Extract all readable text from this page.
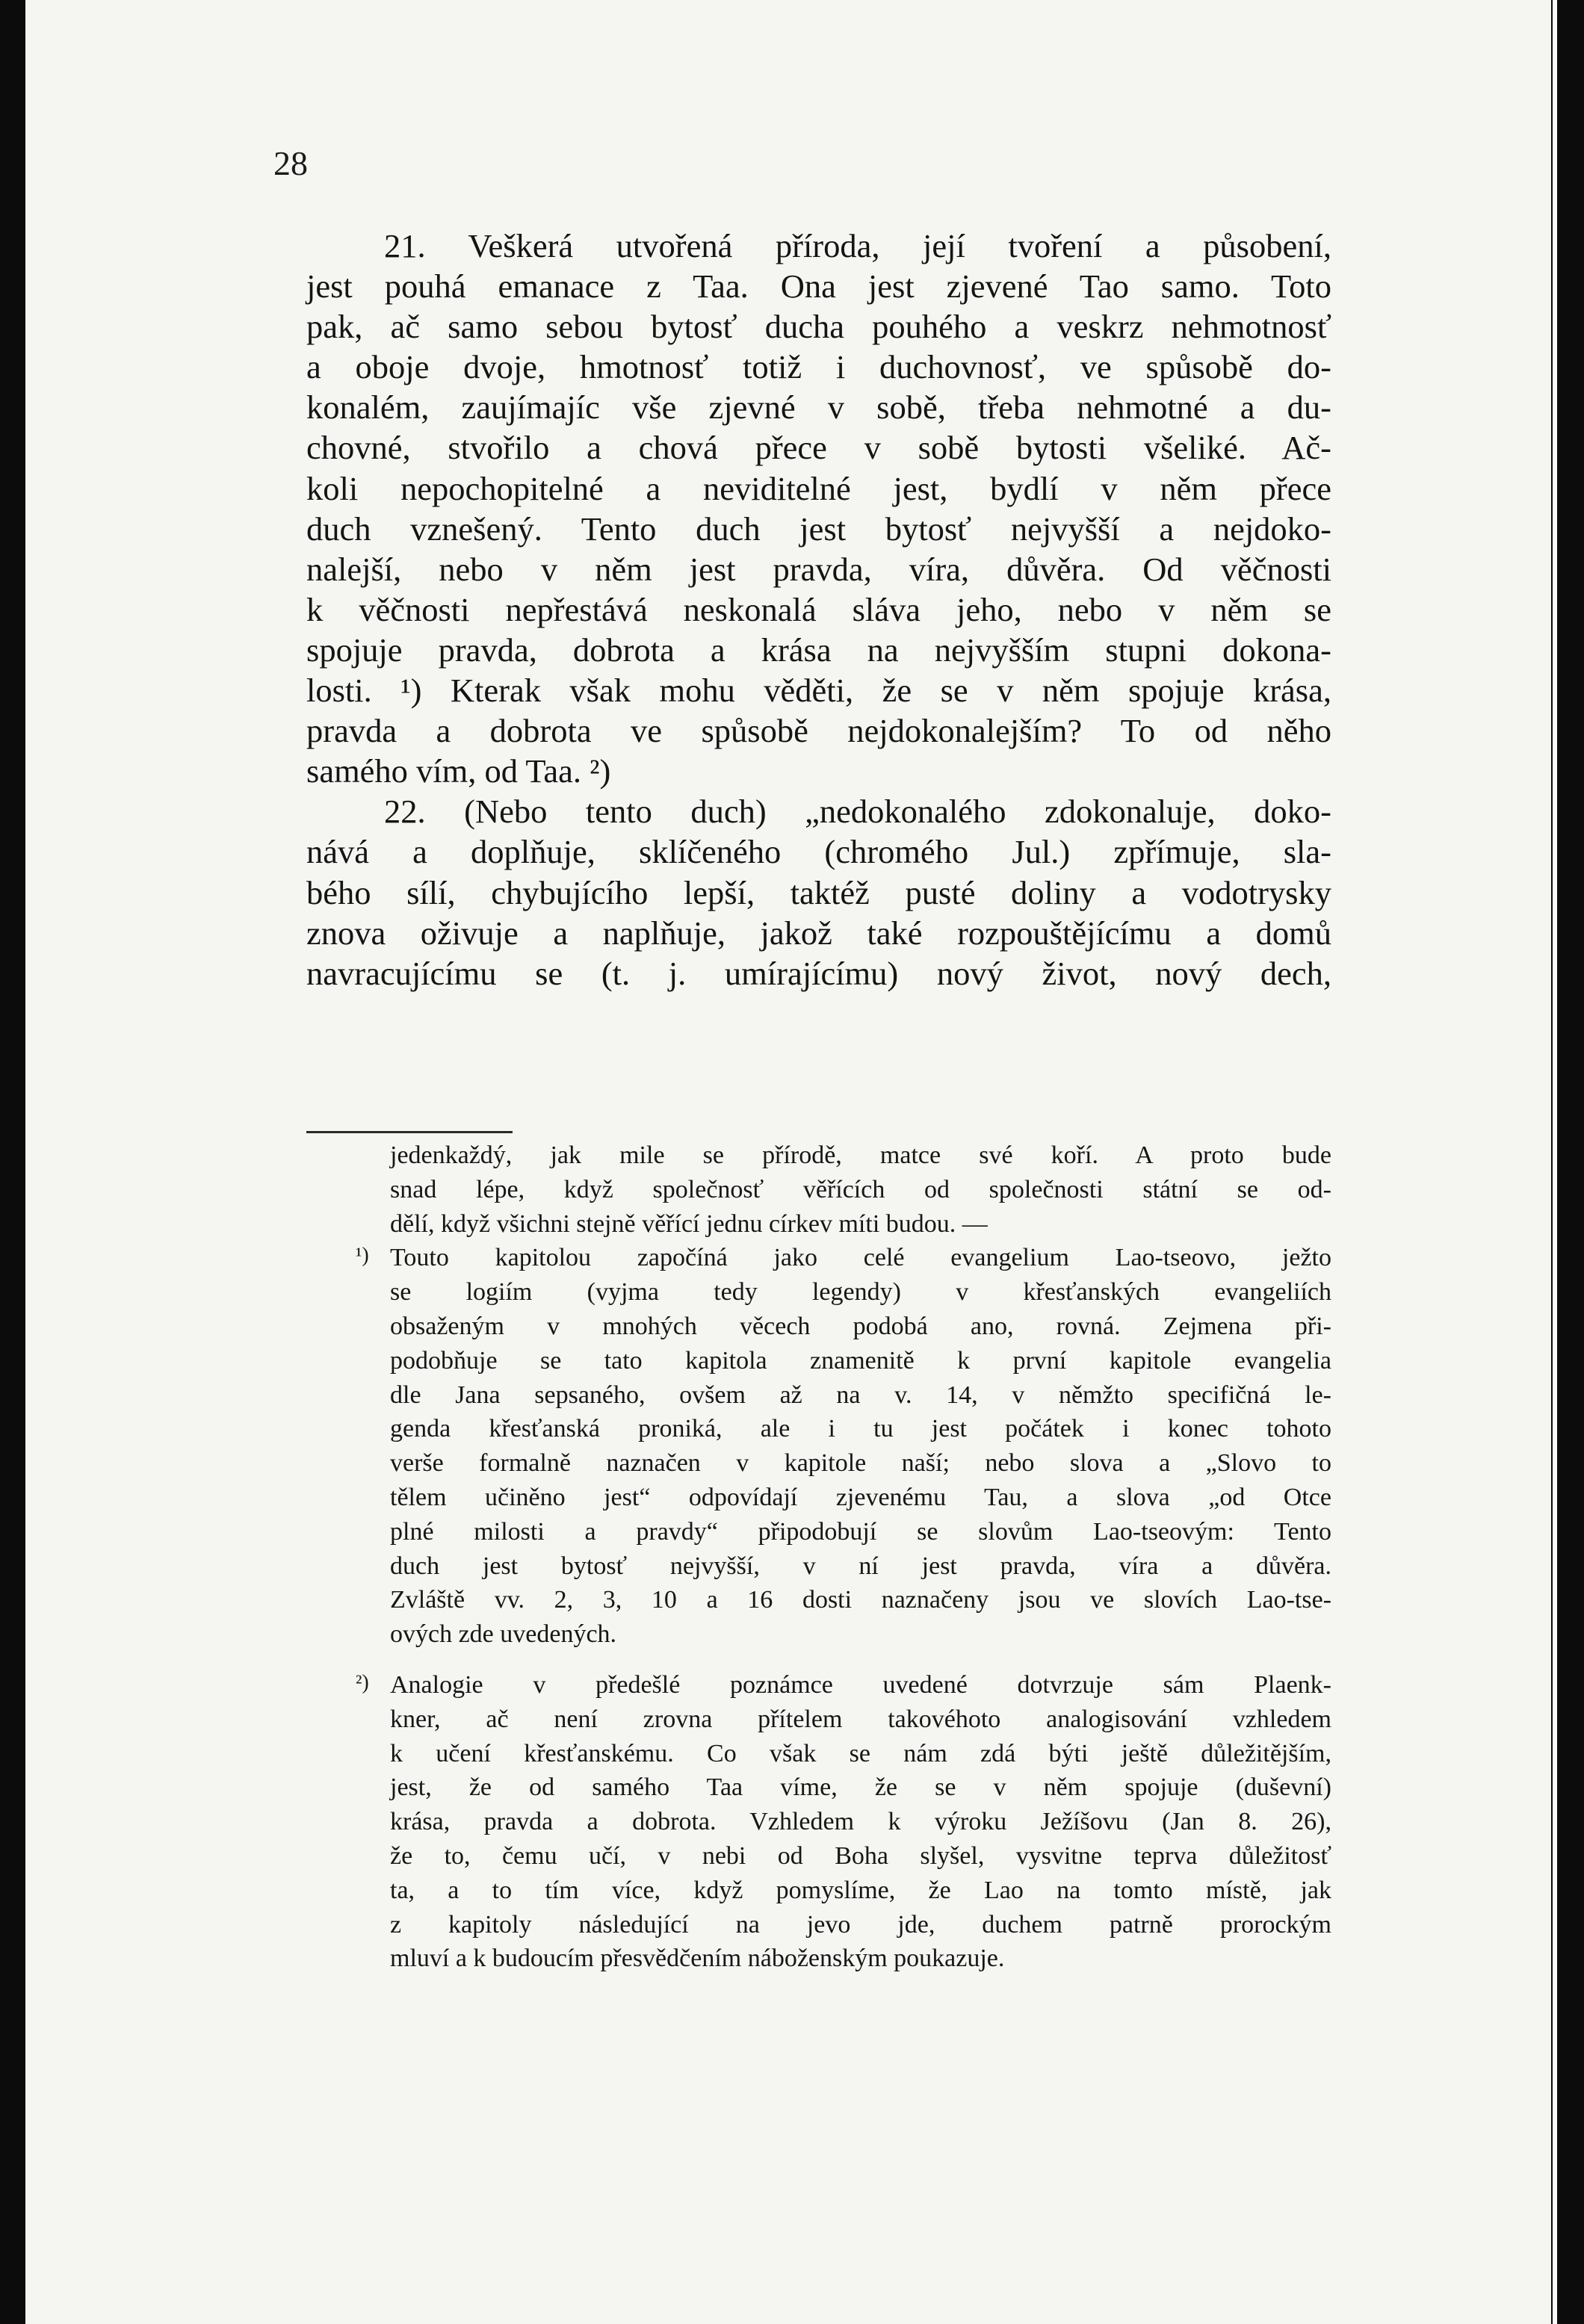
28
21. Veškerá utvořená příroda, její tvoření a působení,
jest pouhá emanace z Taa. Ona jest zjevené Tao samo. Toto
pak, ač samo sebou bytosť ducha pouhého a veskrz nehmotnosť
a oboje dvoje, hmotnosť totiž i duchovnosť, ve spůsobě do-
konalém, zaujímajíc vše zjevné v sobě, třeba nehmotné a du-
chovné, stvořilo a chová přece v sobě bytosti všeliké. Ač-
koli nepochopitelné a neviditelné jest, bydlí v něm přece
duch vznešený. Tento duch jest bytosť nejvyšší a nejdoko-
nalejší, nebo v něm jest pravda, víra, důvěra. Od věčnosti
k věčnosti nepřestává neskonalá sláva jeho, nebo v něm se
spojuje pravda, dobrota a krása na nejvyšším stupni dokona-
losti. ¹) Kterak však mohu věděti, že se v něm spojuje krása,
pravda a dobrota ve spůsobě nejdokonalejším? To od něho
samého vím, od Taa. ²)
22. (Nebo tento duch) „nedokonalého zdokonaluje, doko-
nává a doplňuje, sklíčeného (chromého Jul.) zpřímuje, sla-
bého sílí, chybujícího lepší, taktéž pusté doliny a vodotrysky
znova oživuje a naplňuje, jakož také rozpouštějícímu a domů
navracujícímu se (t. j. umírajícímu) nový život, nový dech,
jedenkaždý, jak mile se přírodě, matce své koří. A proto bude
snad lépe, když společnosť věřících od společnosti státní se od-
dělí, když všichni stejně věřící jednu církev míti budou. —
¹) Touto kapitolou započíná jako celé evangelium Lao-tseovo, ježto
se logiím (vyjma tedy legendy) v křesťanských evangeliích
obsaženým v mnohých věcech podobá ano, rovná. Zejmena při-
podobňuje se tato kapitola znamenitě k první kapitole evangelia
dle Jana sepsaného, ovšem až na v. 14, v němžto specifičná le-
genda křesťanská proniká, ale i tu jest počátek i konec tohoto
verše formalně naznačen v kapitole naší; nebo slova a „Slovo to
tělem učiněno jest“ odpovídají zjevenému Tau, a slova „od Otce
plné milosti a pravdy“ připodobují se slovům Lao-tseovým: Tento
duch jest bytosť nejvyšší, v ní jest pravda, víra a důvěra.
Zvláště vv. 2, 3, 10 a 16 dosti naznačeny jsou ve slovích Lao-tse-
ových zde uvedených.
²) Analogie v předešlé poznámce uvedené dotvrzuje sám Plaenk-
kner, ač není zrovna přítelem takovéhoto analogisování vzhledem
k učení křesťanskému. Co však se nám zdá býti ještě důležitějším,
jest, že od samého Taa víme, že se v něm spojuje (duševní)
krása, pravda a dobrota. Vzhledem k výroku Ježíšovu (Jan 8. 26),
že to, čemu učí, v nebi od Boha slyšel, vysvitne teprva důležitosť
ta, a to tím více, když pomyslíme, že Lao na tomto místě, jak
z kapitoly následující na jevo jde, duchem patrně prorockým
mluví a k budoucím přesvědčením náboženským poukazuje.
